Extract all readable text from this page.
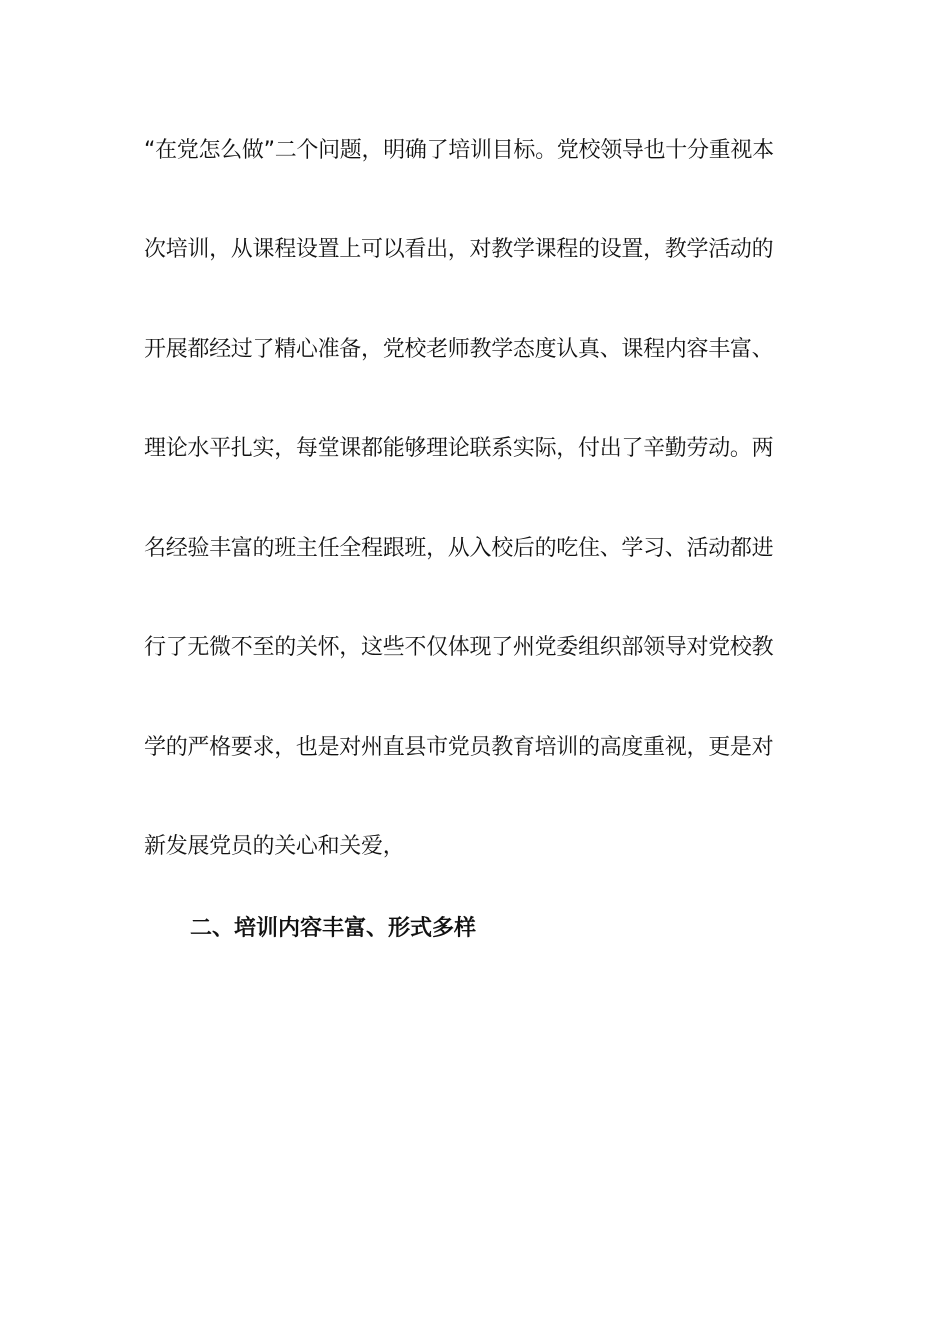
“在党怎么做”二个问题，明确了培训目标。党校领导也十分重视本
次培训，从课程设置上可以看出，对教学课程的设置，教学活动的
开展都经过了精心准备，党校老师教学态度认真、课程内容丰富、
理论水平扎实，每堂课都能够理论联系实际，付出了辛勤劳动。两
名经验丰富的班主任全程跟班，从入校后的吃住、学习、活动都进
行了无微不至的关怀，这些不仅体现了州党委组织部领导对党校教
学的严格要求，也是对州直县市党员教育培训的高度重视，更是对
新发展党员的关心和关爱，
二、培训内容丰富、形式多样
